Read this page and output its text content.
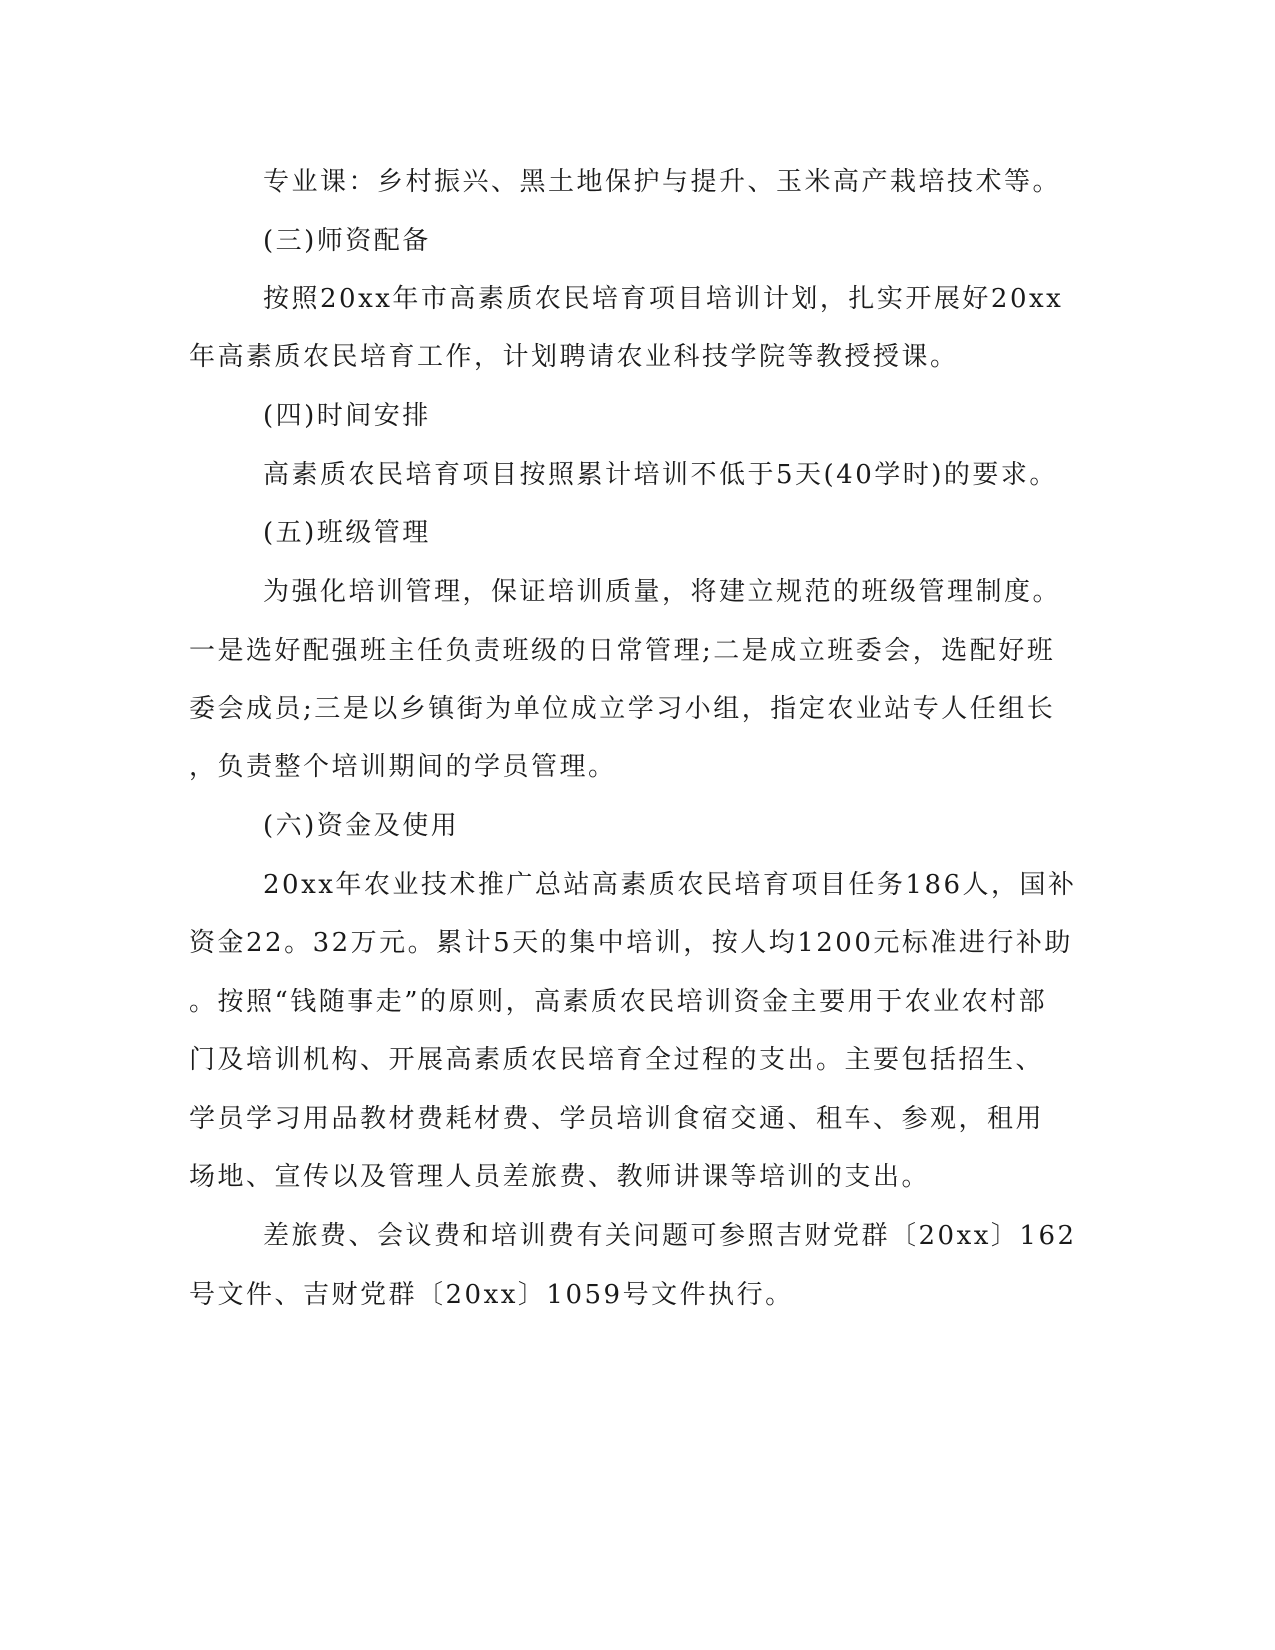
专业课：乡村振兴、黑土地保护与提升、玉米高产栽培技术等。
(三)师资配备
按照20xx年市高素质农民培育项目培训计划，扎实开展好20xx
年高素质农民培育工作，计划聘请农业科技学院等教授授课。
(四)时间安排
高素质农民培育项目按照累计培训不低于5天(40学时)的要求。
(五)班级管理
为强化培训管理，保证培训质量，将建立规范的班级管理制度。
一是选好配强班主任负责班级的日常管理;二是成立班委会，选配好班
委会成员;三是以乡镇街为单位成立学习小组，指定农业站专人任组长
，负责整个培训期间的学员管理。
(六)资金及使用
20xx年农业技术推广总站高素质农民培育项目任务186人，国补
资金22。32万元。累计5天的集中培训，按人均1200元标准进行补助
。按照“钱随事走”的原则，高素质农民培训资金主要用于农业农村部
门及培训机构、开展高素质农民培育全过程的支出。主要包括招生、
学员学习用品教材费耗材费、学员培训食宿交通、租车、参观，租用
场地、宣传以及管理人员差旅费、教师讲课等培训的支出。
差旅费、会议费和培训费有关问题可参照吉财党群〔20xx〕162
号文件、吉财党群〔20xx〕1059号文件执行。
